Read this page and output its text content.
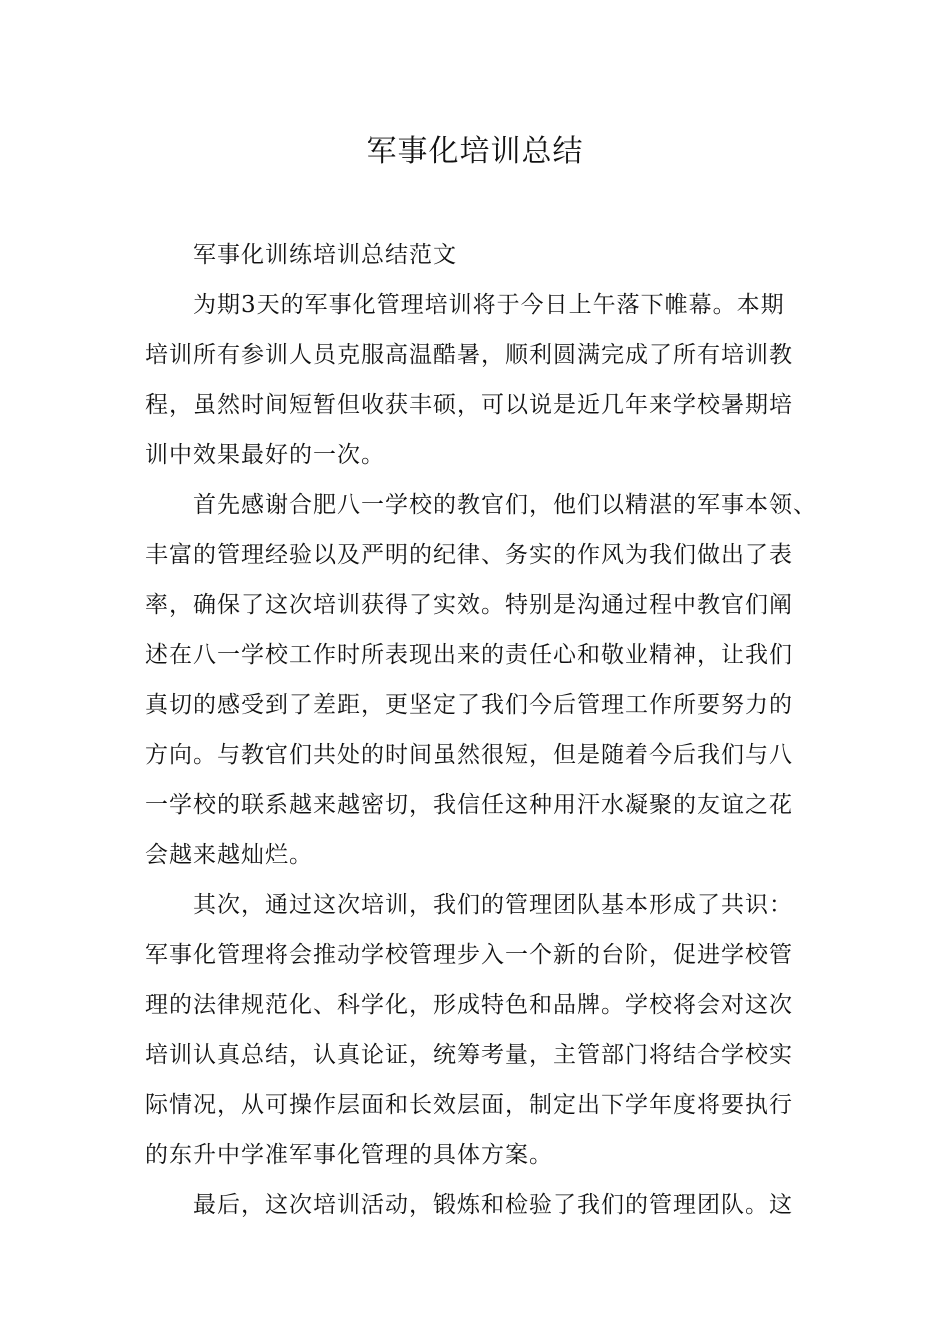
军事化培训总结
军事化训练培训总结范文
为期3天的军事化管理培训将于今日上午落下帷幕。本期
培训所有参训人员克服高温酷暑，顺利圆满完成了所有培训教
程，虽然时间短暂但收获丰硕，可以说是近几年来学校暑期培
训中效果最好的一次。
首先感谢合肥八一学校的教官们，他们以精湛的军事本领、
丰富的管理经验以及严明的纪律、务实的作风为我们做出了表
率，确保了这次培训获得了实效。特别是沟通过程中教官们阐
述在八一学校工作时所表现出来的责任心和敬业精神，让我们
真切的感受到了差距，更坚定了我们今后管理工作所要努力的
方向。与教官们共处的时间虽然很短，但是随着今后我们与八
一学校的联系越来越密切，我信任这种用汗水凝聚的友谊之花
会越来越灿烂。
其次，通过这次培训，我们的管理团队基本形成了共识：
军事化管理将会推动学校管理步入一个新的台阶，促进学校管
理的法律规范化、科学化，形成特色和品牌。学校将会对这次
培训认真总结，认真论证，统筹考量，主管部门将结合学校实
际情况，从可操作层面和长效层面，制定出下学年度将要执行
的东升中学准军事化管理的具体方案。
最后，这次培训活动，锻炼和检验了我们的管理团队。这
